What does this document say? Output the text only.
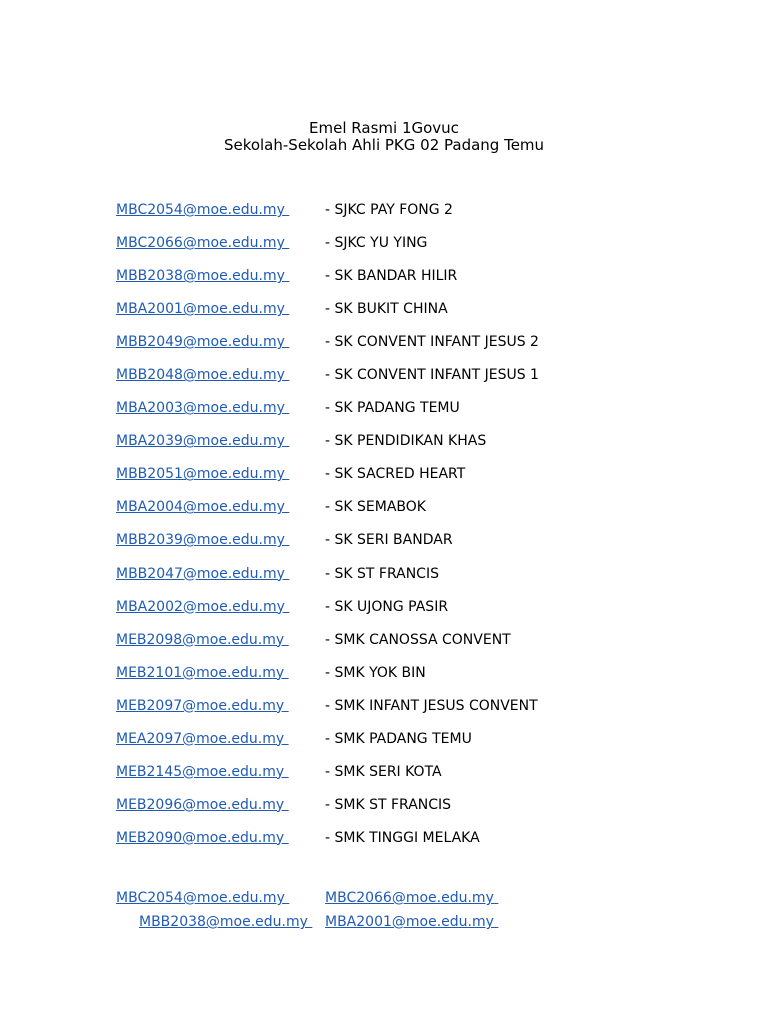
Emel Rasmi 1Govuc
Sekolah-Sekolah Ahli PKG 02 Padang Temu
MBC2054@moe.edu.my	- SJKC PAY FONG 2
MBC2066@moe.edu.my	- SJKC YU YING
MBB2038@moe.edu.my	- SK BANDAR HILIR
MBA2001@moe.edu.my	- SK BUKIT CHINA
MBB2049@moe.edu.my	- SK CONVENT INFANT JESUS 2
MBB2048@moe.edu.my	- SK CONVENT INFANT JESUS 1
MBA2003@moe.edu.my	- SK PADANG TEMU
MBA2039@moe.edu.my	- SK PENDIDIKAN KHAS
MBB2051@moe.edu.my	- SK SACRED HEART
MBA2004@moe.edu.my	- SK SEMABOK
MBB2039@moe.edu.my	- SK SERI BANDAR
MBB2047@moe.edu.my	- SK ST FRANCIS
MBA2002@moe.edu.my	- SK UJONG PASIR
MEB2098@moe.edu.my	- SMK CANOSSA CONVENT
MEB2101@moe.edu.my	- SMK YOK BIN
MEB2097@moe.edu.my	- SMK INFANT JESUS CONVENT
MEA2097@moe.edu.my	- SMK PADANG TEMU
MEB2145@moe.edu.my	- SMK SERI KOTA
MEB2096@moe.edu.my	- SMK ST FRANCIS
MEB2090@moe.edu.my	- SMK TINGGI MELAKA
MBC2054@moe.edu.my	MBC2066@moe.edu.my
MBB2038@moe.edu.my MBA2001@moe.edu.my
